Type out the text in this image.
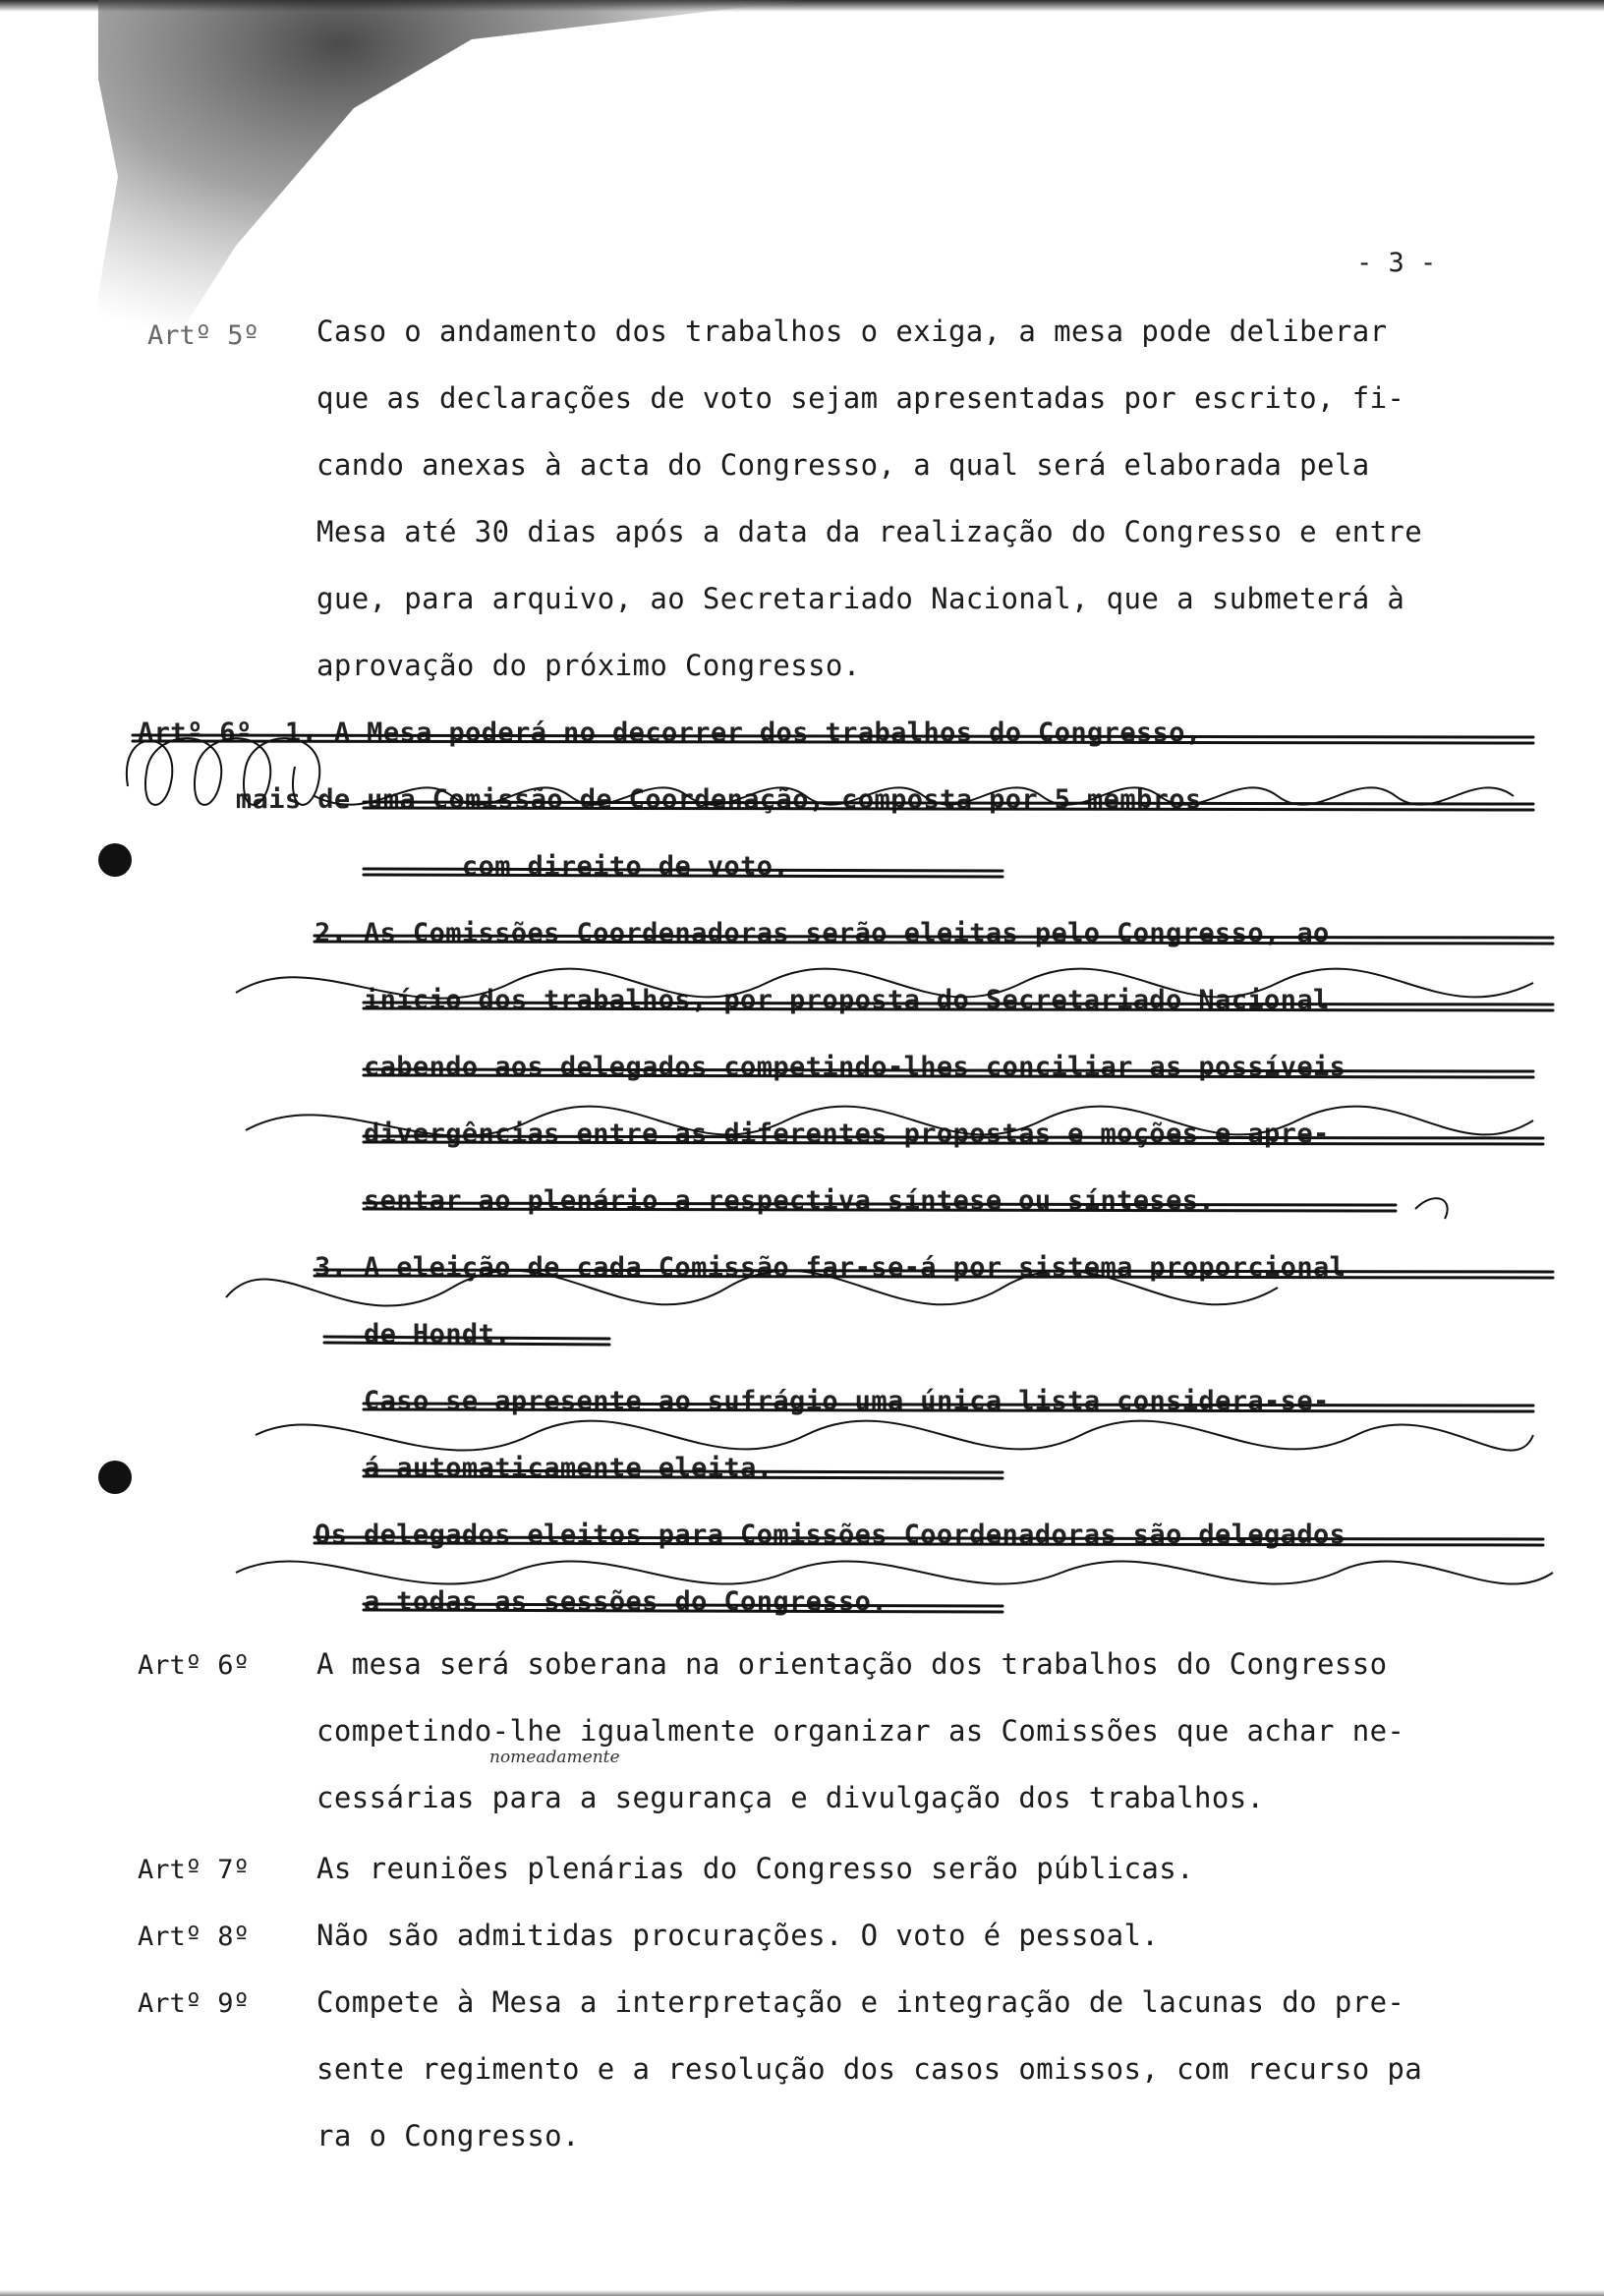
- 3 -
Artº 5º Caso o andamento dos trabalhos o exiga, a mesa pode deliberar
que as declarações de voto sejam apresentadas por escrito, fi-
cando anexas à acta do Congresso, a qual será elaborada pela
Mesa até 30 dias após a data da realização do Congresso e entre
gue, para arquivo, ao Secretariado Nacional, que a submeterá à
aprovação do próximo Congresso.
Artº 6º  1. A Mesa poderá no decorrer dos trabalhos do Congresso,
mais de uma Comissão de Coordenação, composta por 5 membros
com direito de voto.
2. As Comissões Coordenadoras serão eleitas pelo Congresso, ao
início dos trabalhos, por proposta do Secretariado Nacional
cabendo aos delegados competindo-lhes conciliar as possíveis
divergências entre as diferentes propostas e moções e apre-
sentar ao plenário a respectiva síntese ou sínteses.
3. A eleição de cada Comissão far-se-á por sistema proporcional
de Hondt.
Caso se apresente ao sufrágio uma única lista considera-se-
á automaticamente eleita.
Os delegados eleitos para Comissões Coordenadoras são delegados
a todas as sessões do Congresso.
Artº 6º A mesa será soberana na orientação dos trabalhos do Congresso
competindo-lhe igualmente organizar as Comissões que achar ne-
nomeadamente
cessárias para a segurança e divulgação dos trabalhos.
Artº 7º As reuniões plenárias do Congresso serão públicas.
Artº 8º Não são admitidas procurações. O voto é pessoal.
Artº 9º Compete à Mesa a interpretação e integração de lacunas do pre-
sente regimento e a resolução dos casos omissos, com recurso pa
ra o Congresso.
